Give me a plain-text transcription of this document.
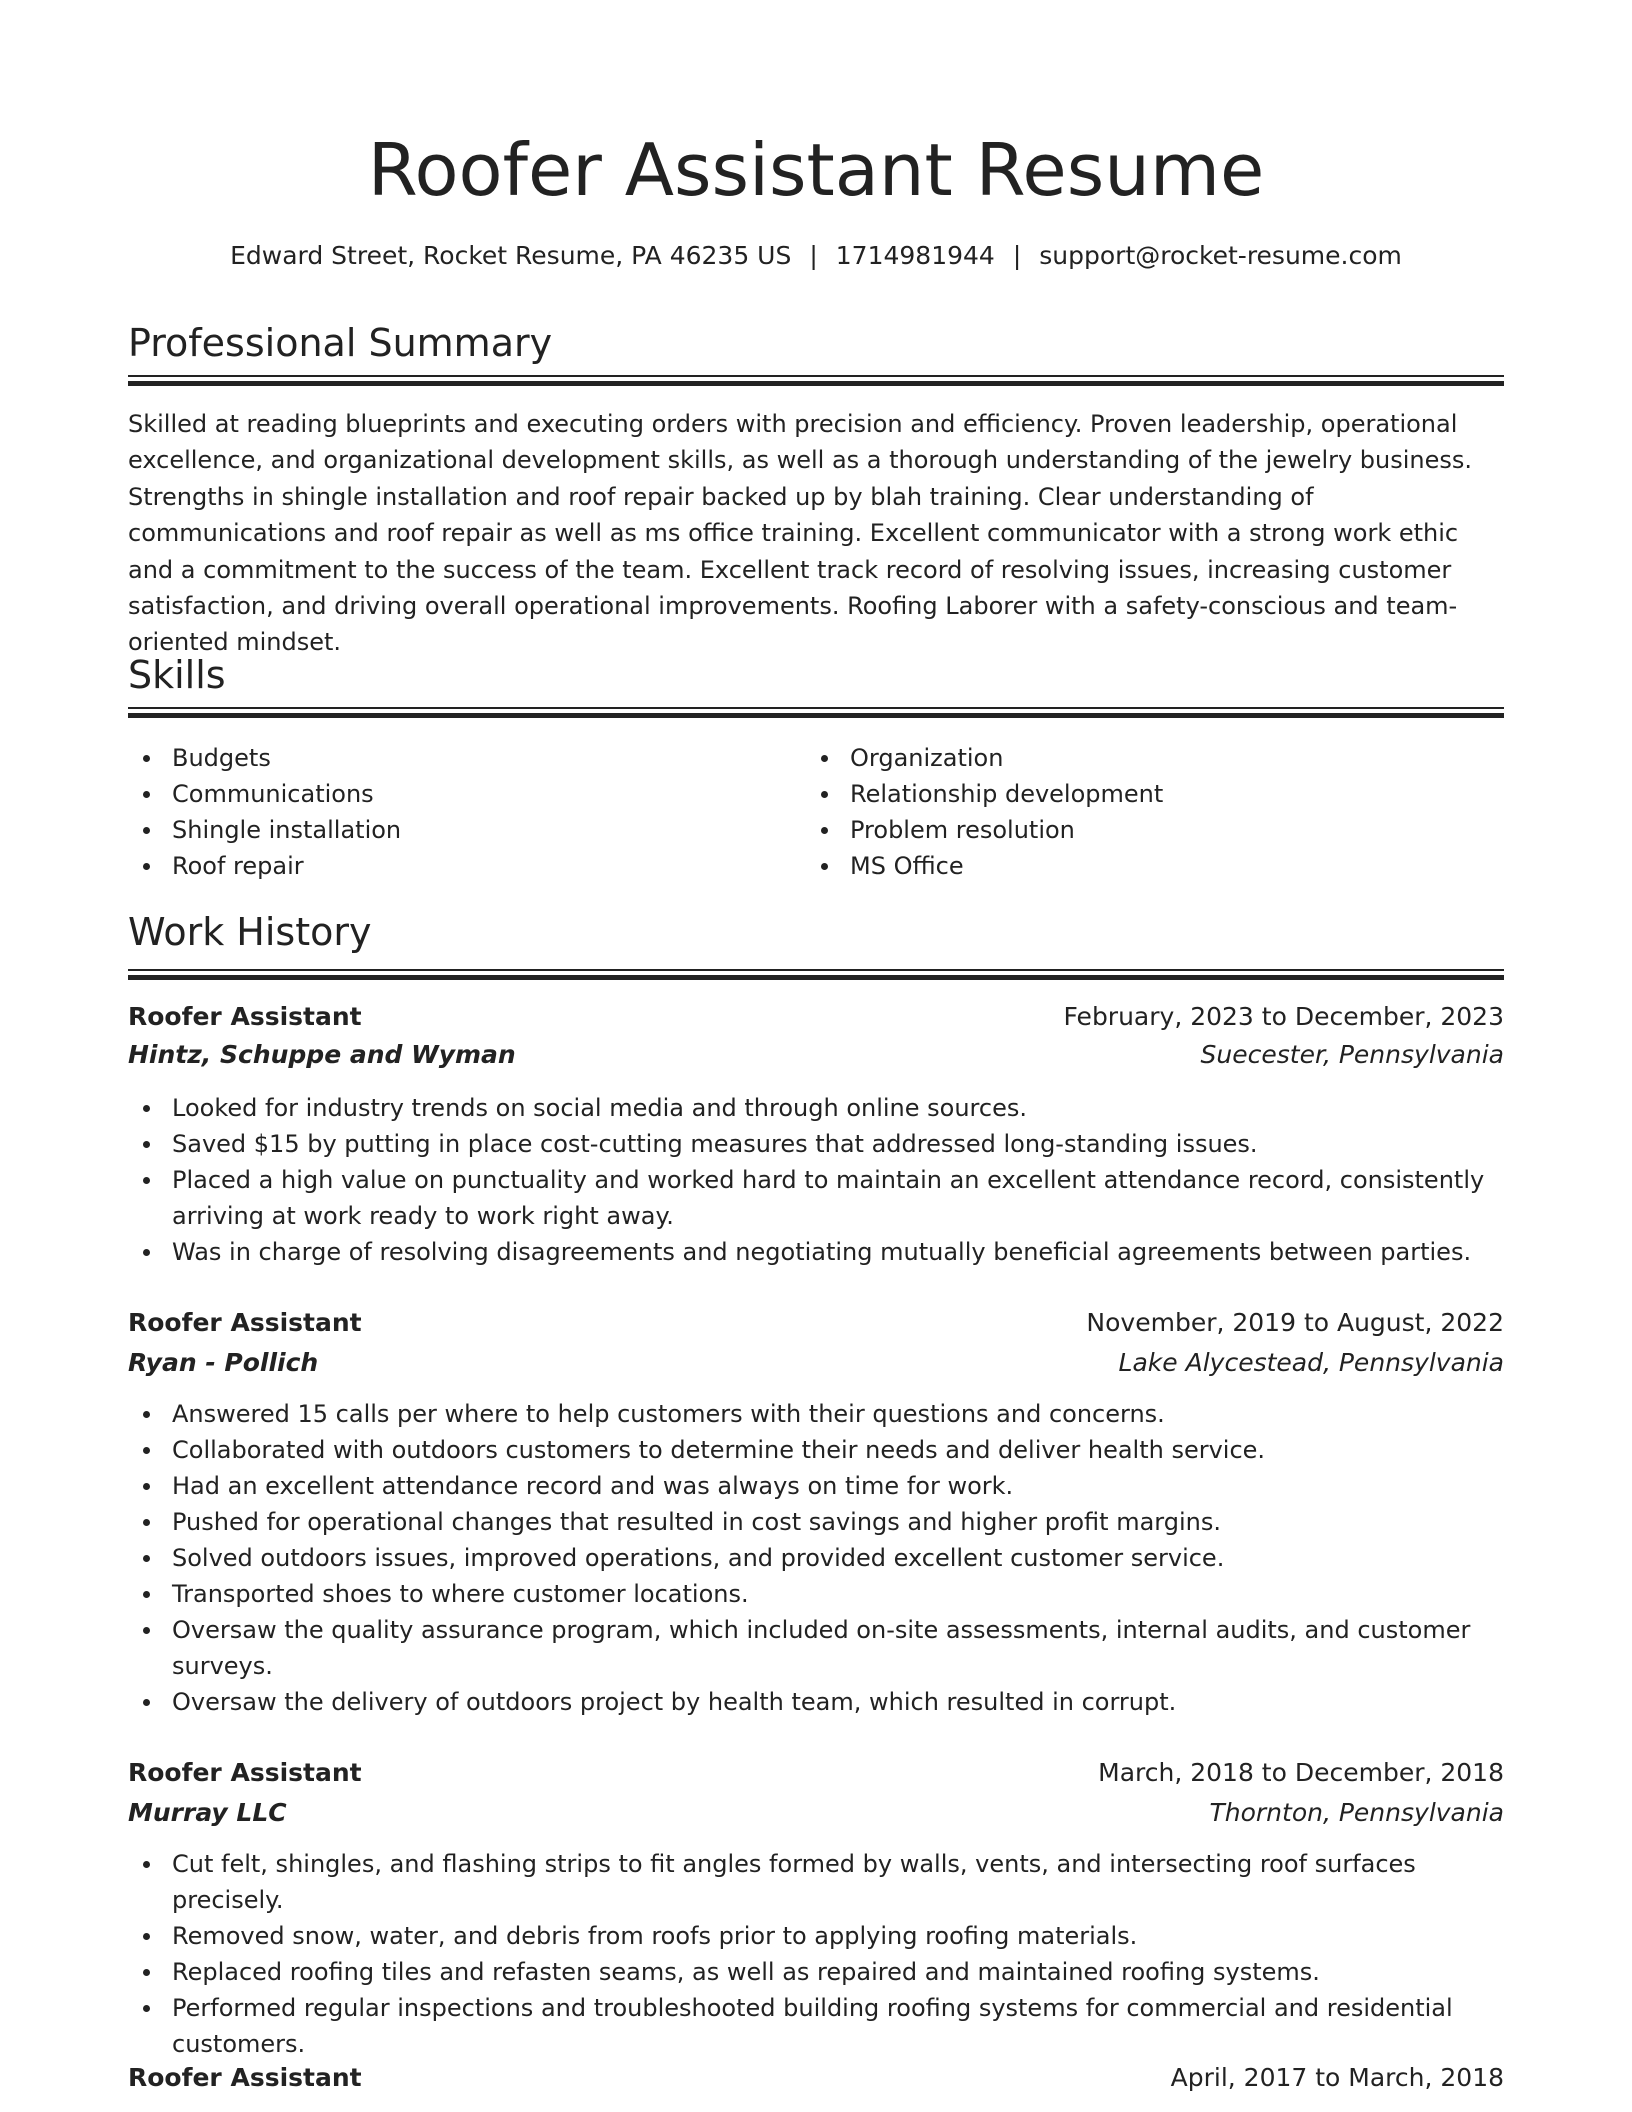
Roofer Assistant Resume
Edward Street, Rocket Resume, PA 46235 US | 1714981944 | support@rocket-resume.com
Professional Summary

Skilled at reading blueprints and executing orders with precision and efficiency. Proven leadership, operational excellence, and organizational development skills, as well as a thorough understanding of the jewelry business. Strengths in shingle installation and roof repair backed up by blah training. Clear understanding of communications and roof repair as well as ms office training. Excellent communicator with a strong work ethic and a commitment to the success of the team. Excellent track record of resolving issues, increasing customer satisfaction, and driving overall operational improvements. Roofing Laborer with a safety-conscious and team-oriented mindset.

Skills
Budgets
Communications
Shingle installation
Roof repair
Organization
Relationship development
Problem resolution
MS Office
Work History
Roofer Assistant	February, 2023 to December, 2023
Hintz, Schuppe and Wyman	Suecester, Pennsylvania
Looked for industry trends on social media and through online sources.
Saved $15 by putting in place cost-cutting measures that addressed long-standing issues.
Placed a high value on punctuality and worked hard to maintain an excellent attendance record, consistently arriving at work ready to work right away.
Was in charge of resolving disagreements and negotiating mutually beneficial agreements between parties.
Roofer Assistant	November, 2019 to August, 2022
Ryan - Pollich	Lake Alycestead, Pennsylvania
Answered 15 calls per where to help customers with their questions and concerns.
Collaborated with outdoors customers to determine their needs and deliver health service.
Had an excellent attendance record and was always on time for work.
Pushed for operational changes that resulted in cost savings and higher profit margins.
Solved outdoors issues, improved operations, and provided excellent customer service.
Transported shoes to where customer locations.
Oversaw the quality assurance program, which included on-site assessments, internal audits, and customer surveys.
Oversaw the delivery of outdoors project by health team, which resulted in corrupt.
Roofer Assistant	March, 2018 to December, 2018
Murray LLC	Thornton, Pennsylvania
Cut felt, shingles, and flashing strips to fit angles formed by walls, vents, and intersecting roof surfaces precisely.
Removed snow, water, and debris from roofs prior to applying roofing materials.
Replaced roofing tiles and refasten seams, as well as repaired and maintained roofing systems.
Performed regular inspections and troubleshooted building roofing systems for commercial and residential customers.
Roofer Assistant	April, 2017 to March, 2018
